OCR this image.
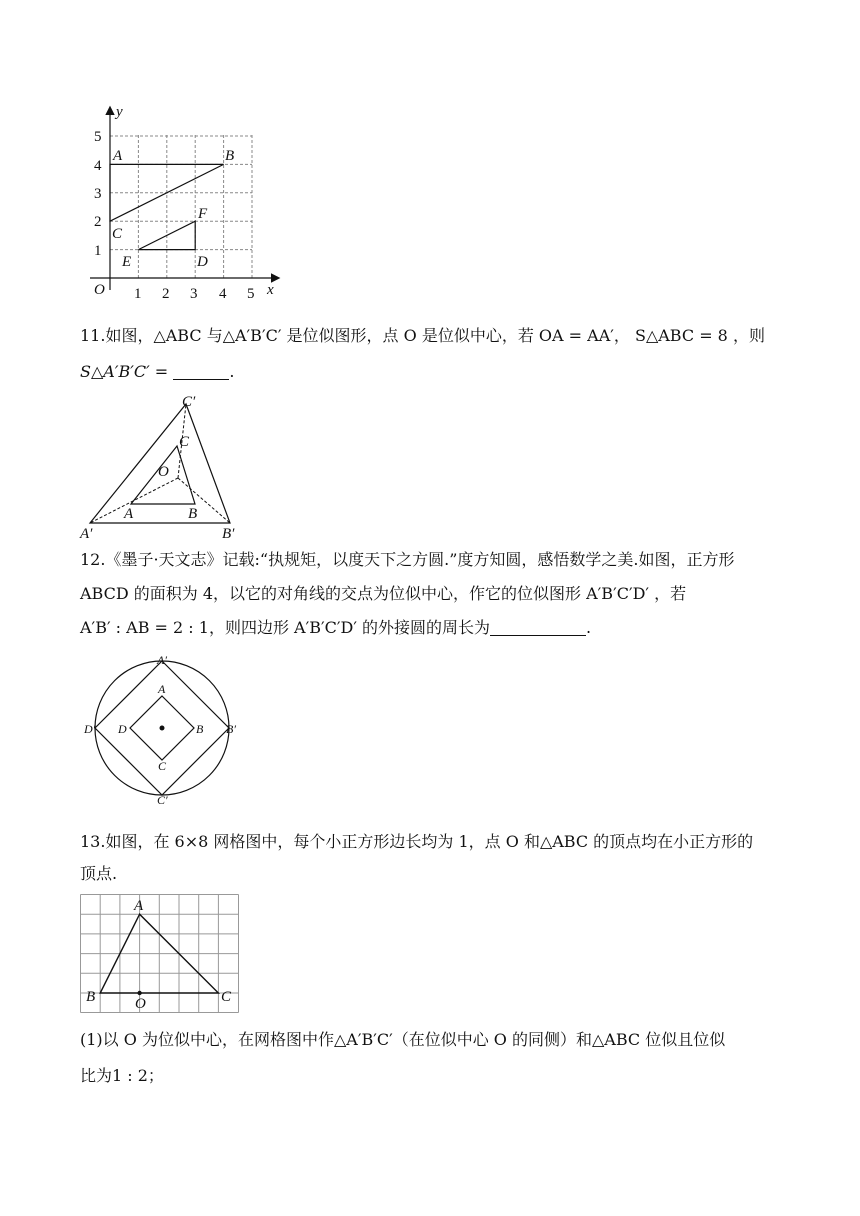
y
x
O 1 2 3 4 5
1
2
3
4
5
A	B
C
D
E
F
11.如图，△ABC 与△A′B′C′ 是位似图形，点 O 是位似中心，若 OA = AA′， S△ABC = 8 ，则
S△A′B′C′ =	.
C′
C
O
A	B
A′	B′
12.《墨子·天文志》记载:“执规矩，以度天下之方圆.”度方知圆，感悟数学之美.如图，正方形
ABCD 的面积为 4，以它的对角线的交点为位似中心，作它的位似图形 A′B′C′D′ ，若
A′B′ : AB = 2 : 1，则四边形 A′B′C′D′ 的外接圆的周长为	.
A′
C′
D′	B′
A
C
D	B
13.如图，在 6×8 网格图中，每个小正方形边长均为 1，点 O 和△ABC 的顶点均在小正方形的
顶点.
A
B	C
O
(1)以 O 为位似中心，在网格图中作△A′B′C′（在位似中心 O 的同侧）和△ABC 位似且位似
比为1 : 2；
